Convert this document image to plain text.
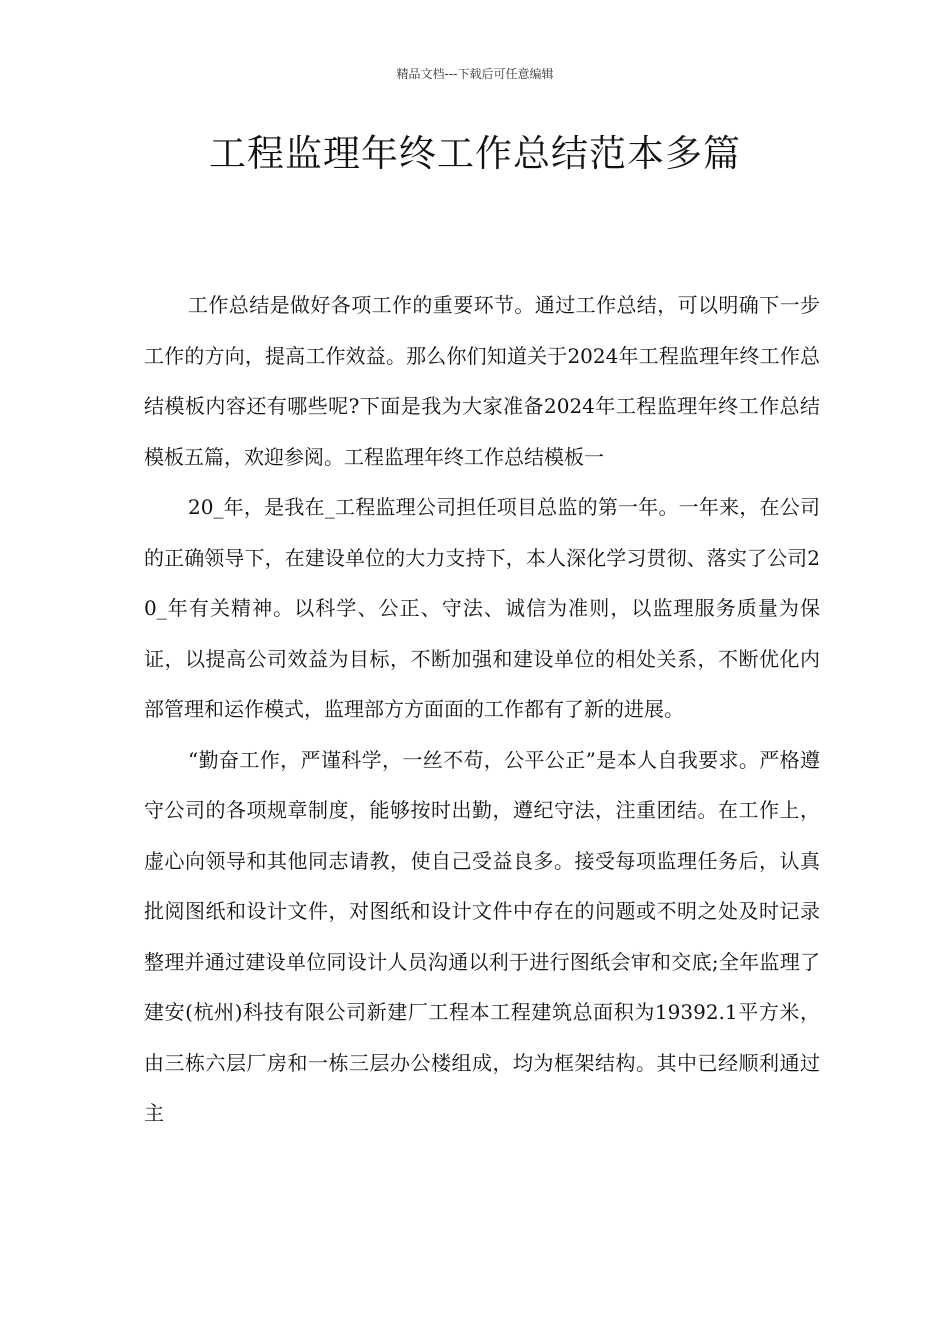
精品文档---下载后可任意编辑
工程监理年终工作总结范本多篇

工作总结是做好各项工作的重要环节。通过工作总结，可以明确下一步工作的方向，提高工作效益。那么你们知道关于2024年工程监理年终工作总结模板内容还有哪些呢?下面是我为大家准备2024年工程监理年终工作总结模板五篇，欢迎参阅。工程监理年终工作总结模板一

20_年，是我在_工程监理公司担任项目总监的第一年。一年来，在公司的正确领导下，在建设单位的大力支持下，本人深化学习贯彻、落实了公司20_年有关精神。以科学、公正、守法、诚信为准则，以监理服务质量为保证，以提高公司效益为目标，不断加强和建设单位的相处关系，不断优化内部管理和运作模式，监理部方方面面的工作都有了新的进展。

“勤奋工作，严谨科学，一丝不苟，公平公正”是本人自我要求。严格遵守公司的各项规章制度，能够按时出勤，遵纪守法，注重团结。在工作上，虚心向领导和其他同志请教，使自己受益良多。接受每项监理任务后，认真批阅图纸和设计文件，对图纸和设计文件中存在的问题或不明之处及时记录整理并通过建设单位同设计人员沟通以利于进行图纸会审和交底;全年监理了建安(杭州)科技有限公司新建厂工程本工程建筑总面积为19392.1平方米，由三栋六层厂房和一栋三层办公楼组成，均为框架结构。其中已经顺利通过主
